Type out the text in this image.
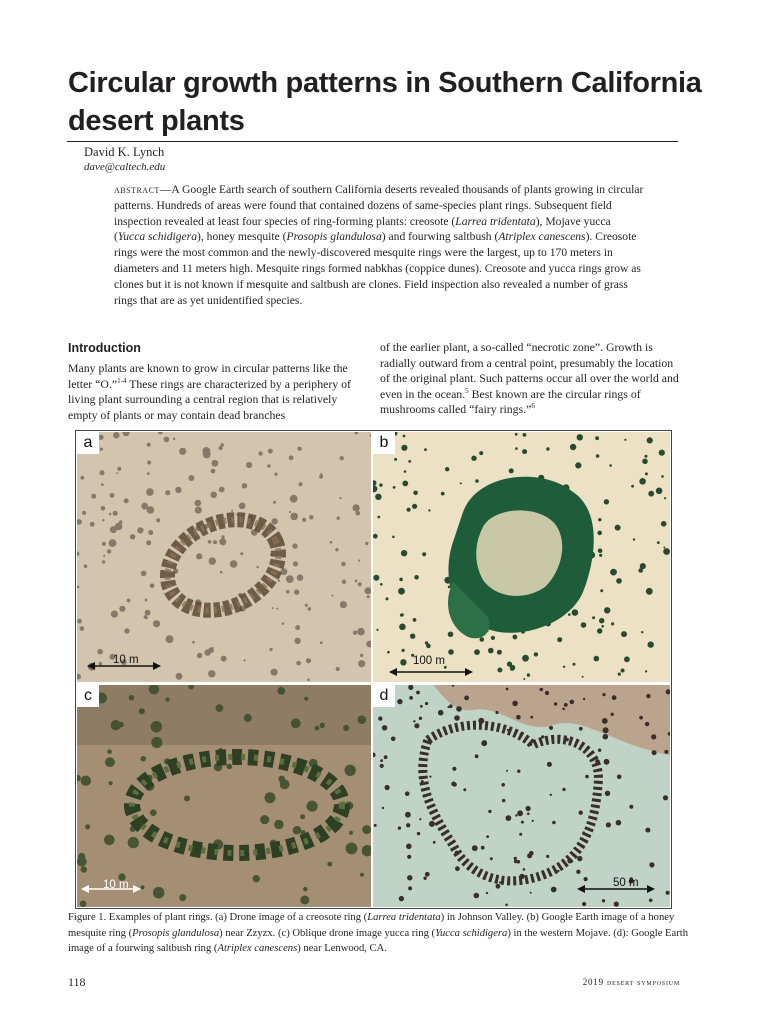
Circular growth patterns in Southern California desert plants
David K. Lynch
dave@caltech.edu

abstract—A Google Earth search of southern California deserts revealed thousands of plants growing in circular patterns. Hundreds of areas were found that contained dozens of same-species plant rings. Subsequent field inspection revealed at least four species of ring-forming plants: creosote (Larrea tridentata), Mojave yucca (Yucca schidigera), honey mesquite (Prosopis glandulosa) and fourwing saltbush (Atriplex canescens). Creosote rings were the most common and the newly-discovered mesquite rings were the largest, up to 170 meters in diameters and 11 meters high. Mesquite rings formed nabkhas (coppice dunes). Creosote and yucca rings grow as clones but it is not known if mesquite and saltbush are clones. Field inspection also revealed a number of grass rings that are as yet unidentified species.

Introduction

Many plants are known to grow in circular patterns like the letter “O.”$^{1-4}$ These rings are characterized by a periphery of living plant surrounding a central region that is relatively empty of plants or may contain dead branches

of the earlier plant, a so-called “necrotic zone”. Growth is radially outward from a central point, presumably the location of the original plant. Such patterns occur all over the world and even in the ocean.$^5$ Best known are the circular rings of mushrooms called “fairy rings.”$^6$

a
10 m
b
100 m
c
10 m
d
50 m

Figure 1. Examples of plant rings. (a) Drone image of a creosote ring (Larrea tridentata) in Johnson Valley. (b) Google Earth image of a honey mesquite ring (Prosopis glandulosa) near Zzyzx. (c) Oblique drone image yucca ring (Yucca schidigera) in the western Mojave. (d): Google Earth image of a fourwing saltbush ring (Atriplex canescens) near Lenwood, CA.

118	2019 desert symposium
